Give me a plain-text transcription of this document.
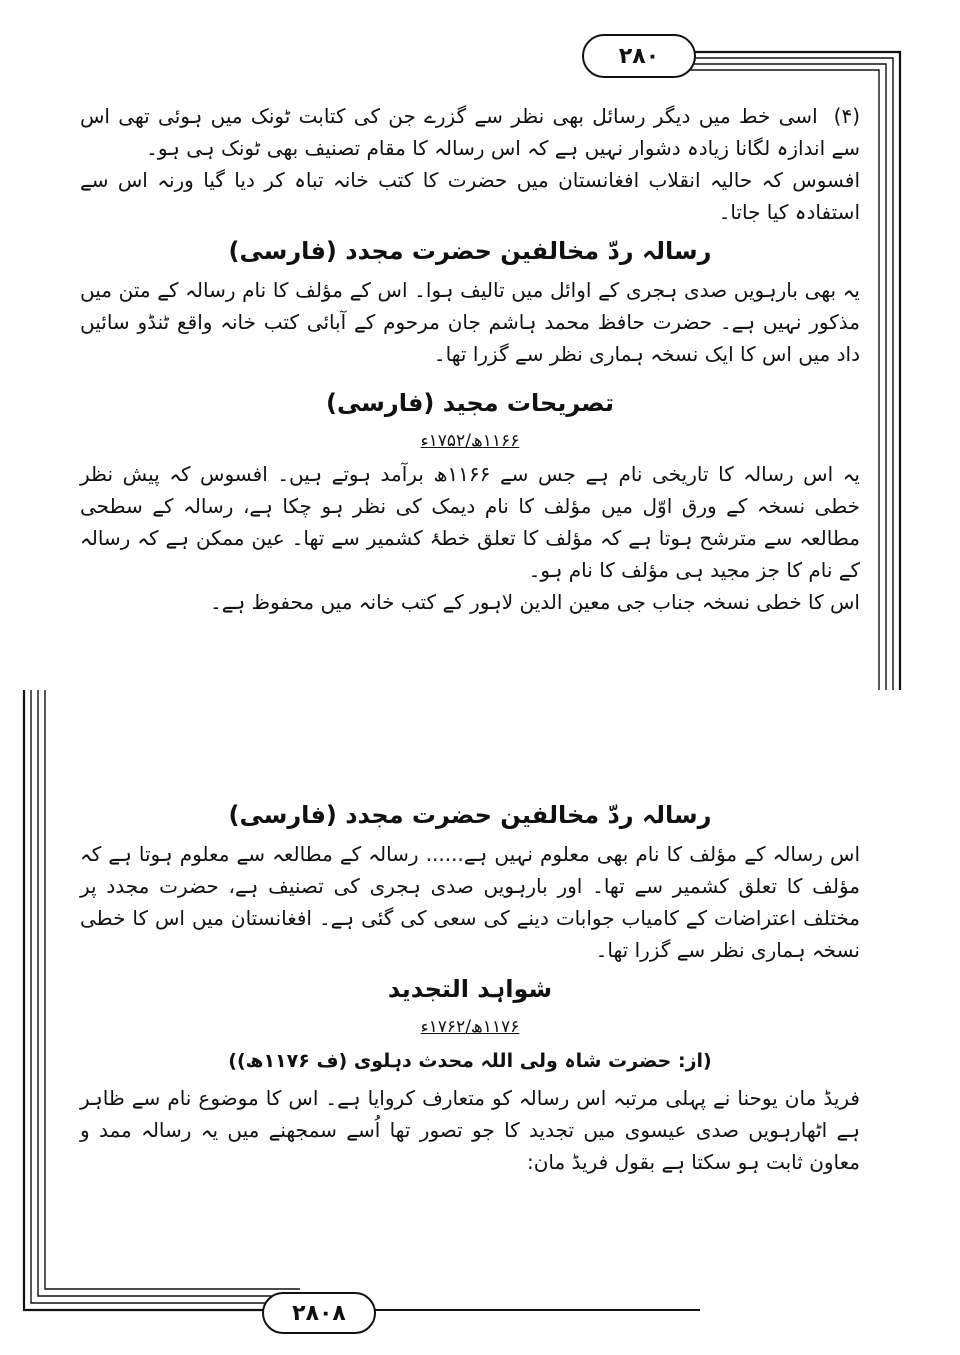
۲۸۰

(۴)اسی خط میں دیگر رسائل بھی نظر سے گزرے جن کی کتابت ٹونک میں ہوئی تھی اس سے اندازہ لگانا زیادہ دشوار نہیں ہے کہ اس رسالہ کا مقام تصنیف بھی ٹونک ہی ہو۔

افسوس کہ حالیہ انقلاب افغانستان میں حضرت کا کتب خانہ تباہ کر دیا گیا ورنہ اس سے استفادہ کیا جاتا۔

رسالہ ردّ مخالفین حضرت مجدد (فارسی)

یہ بھی بارہویں صدی ہجری کے اوائل میں تالیف ہوا۔ اس کے مؤلف کا نام رسالہ کے متن میں مذکور نہیں ہے۔ حضرت حافظ محمد ہاشم جان مرحوم کے آبائی کتب خانہ واقع ٹنڈو سائیں داد میں اس کا ایک نسخہ ہماری نظر سے گزرا تھا۔

تصریحات مجید (فارسی)
۱۱۶۶ھ/۱۷۵۲ء

یہ اس رسالہ کا تاریخی نام ہے جس سے ۱۱۶۶ھ برآمد ہوتے ہیں۔ افسوس کہ پیش نظر خطی نسخہ کے ورق اوّل میں مؤلف کا نام دیمک کی نظر ہو چکا ہے، رسالہ کے سطحی مطالعہ سے مترشح ہوتا ہے کہ مؤلف کا تعلق خطۂ کشمیر سے تھا۔ عین ممکن ہے کہ رسالہ کے نام کا جز مجید ہی مؤلف کا نام ہو۔

اس کا خطی نسخہ جناب جی معین الدین لاہور کے کتب خانہ میں محفوظ ہے۔

رسالہ ردّ مخالفین حضرت مجدد (فارسی)

اس رسالہ کے مؤلف کا نام بھی معلوم نہیں ہے...... رسالہ کے مطالعہ سے معلوم ہوتا ہے کہ مؤلف کا تعلق کشمیر سے تھا۔ اور بارہویں صدی ہجری کی تصنیف ہے، حضرت مجدد پر مختلف اعتراضات کے کامیاب جوابات دینے کی سعی کی گئی ہے۔ افغانستان میں اس کا خطی نسخہ ہماری نظر سے گزرا تھا۔

شواہد التجدید
۱۱۷۶ھ/۱۷۶۲ء
(از: حضرت شاہ ولی اللہ محدث دہلوی (ف ۱۱۷۶ھ))

فریڈ مان یوحنا نے پہلی مرتبہ اس رسالہ کو متعارف کروایا ہے۔ اس کا موضوع نام سے ظاہر ہے اٹھارہویں صدی عیسوی میں تجدید کا جو تصور تھا اُسے سمجھنے میں یہ رسالہ ممد و معاون ثابت ہو سکتا ہے بقول فریڈ مان:

۲۸۰۸
